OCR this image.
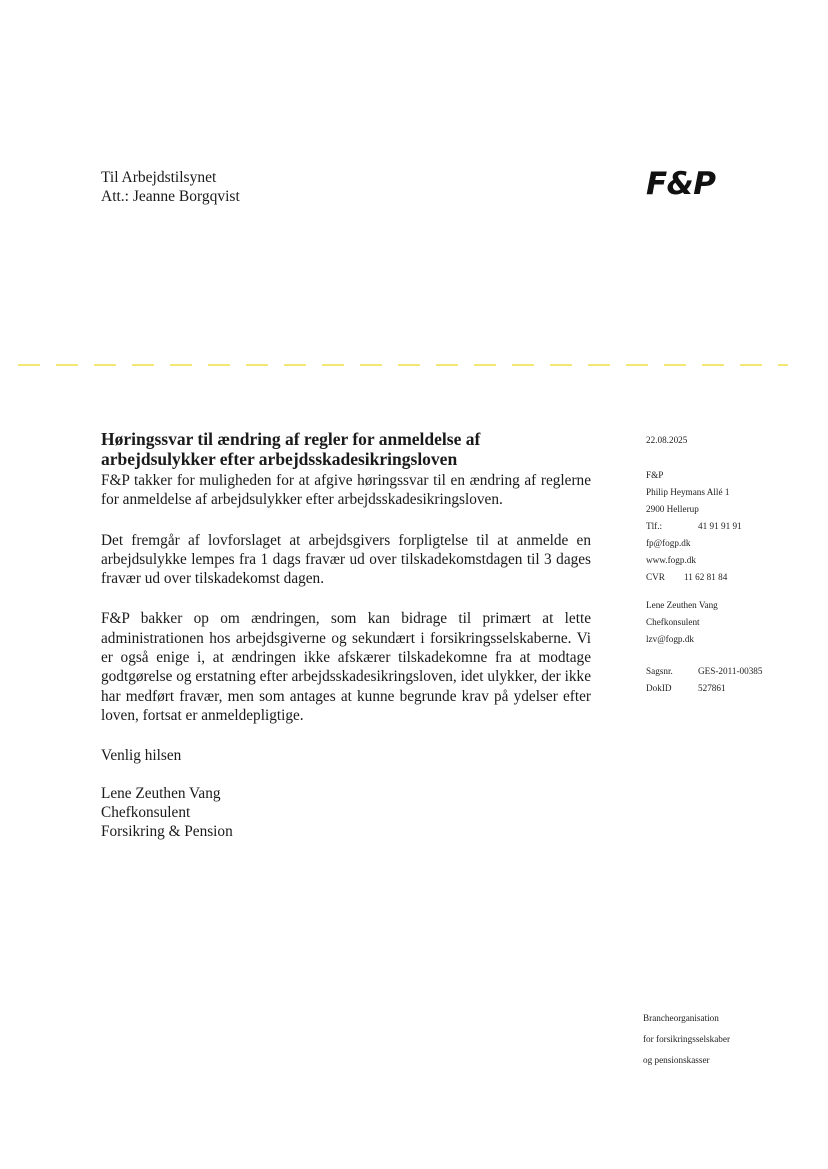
Til Arbejdstilsynet
Att.: Jeanne Borgqvist	F&P
Høringssvar til ændring af regler for anmeldelse af
arbejdsulykker efter arbejdsskadesikringsloven

F&P takker for muligheden for at afgive høringssvar til en ændring af reglerne for anmeldelse af arbejdsulykker efter arbejdsskadesikringsloven.

Det fremgår af lovforslaget at arbejdsgivers forpligtelse til at anmelde en arbejdsulykke lempes fra 1 dags fravær ud over tilskadekomstdagen til 3 dages fravær ud over tilskadekomst dagen.

F&P bakker op om ændringen, som kan bidrage til primært at lette administrationen hos arbejdsgiverne og sekundært i forsikringsselskaberne. Vi er også enige i, at ændringen ikke afskærer tilskadekomne fra at modtage godtgørelse og erstatning efter arbejdsskadesikringsloven, idet ulykker, der ikke har medført fravær, men som antages at kunne begrunde krav på ydelser efter loven, fortsat er anmeldepligtige.

Venlig hilsen

Lene Zeuthen Vang
Chefkonsulent
Forsikring & Pension
22.08.2025
F&P
Philip Heymans Allé 1
2900 Hellerup
Tlf.:	41 91 91 91
fp@fogp.dk
www.fogp.dk
CVR	11 62 81 84
Lene Zeuthen Vang
Chefkonsulent
lzv@fogp.dk
Sagsnr.	GES-2011-00385
DokID	527861
Brancheorganisation
for forsikringsselskaber
og pensionskasser
